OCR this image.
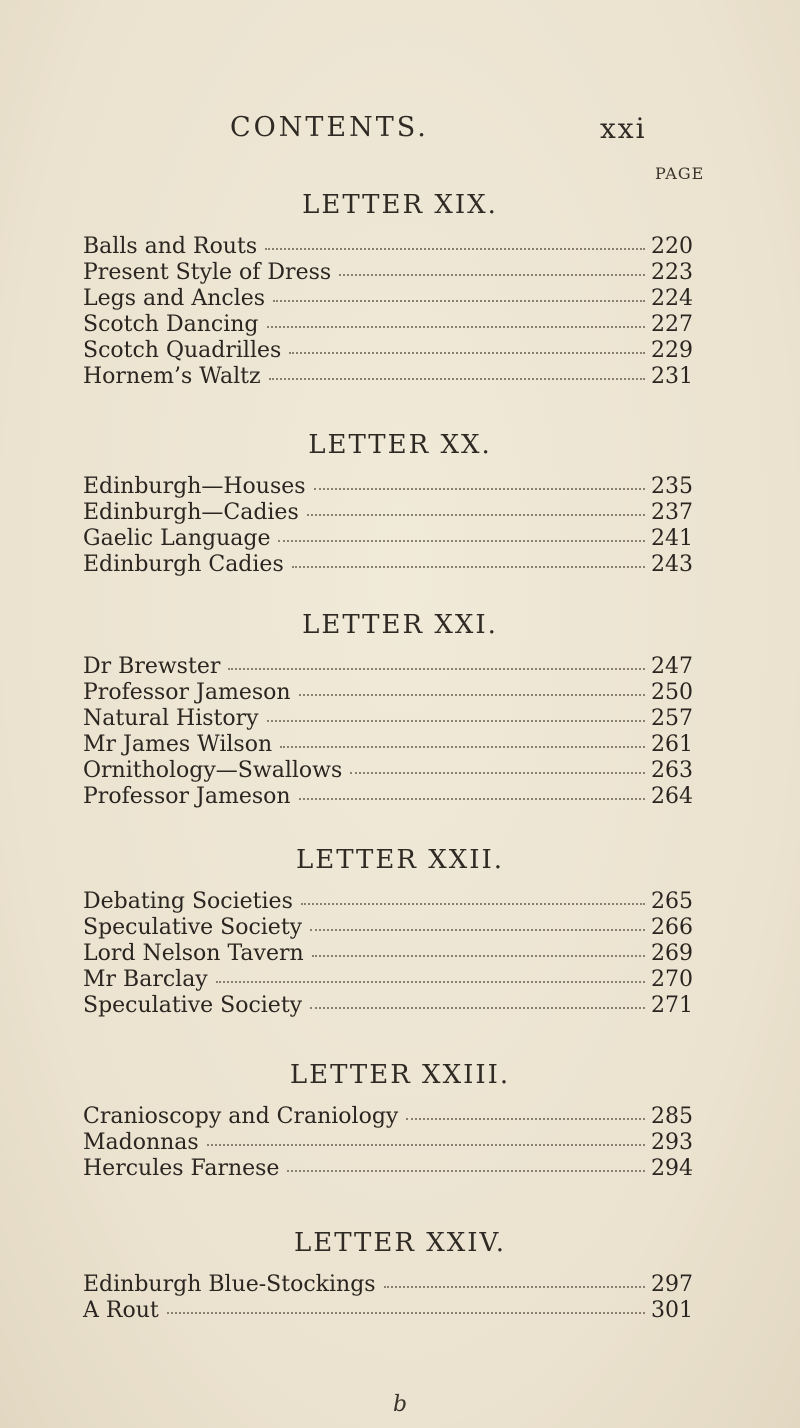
CONTENTS.	xxi
PAGE
LETTER XIX.
Balls and Routs	220
Present Style of Dress	223
Legs and Ancles	224
Scotch Dancing	227
Scotch Quadrilles	229
Hornem’s Waltz	231
LETTER XX.
Edinburgh—Houses	235
Edinburgh—Cadies	237
Gaelic Language	241
Edinburgh Cadies	243
LETTER XXI.
Dr Brewster	247
Professor Jameson	250
Natural History	257
Mr James Wilson	261
Ornithology—Swallows	263
Professor Jameson	264
LETTER XXII.
Debating Societies	265
Speculative Society	266
Lord Nelson Tavern	269
Mr Barclay	270
Speculative Society	271
LETTER XXIII.
Cranioscopy and Craniology	285
Madonnas	293
Hercules Farnese	294
LETTER XXIV.
Edinburgh Blue-Stockings	297
A Rout	301
b
